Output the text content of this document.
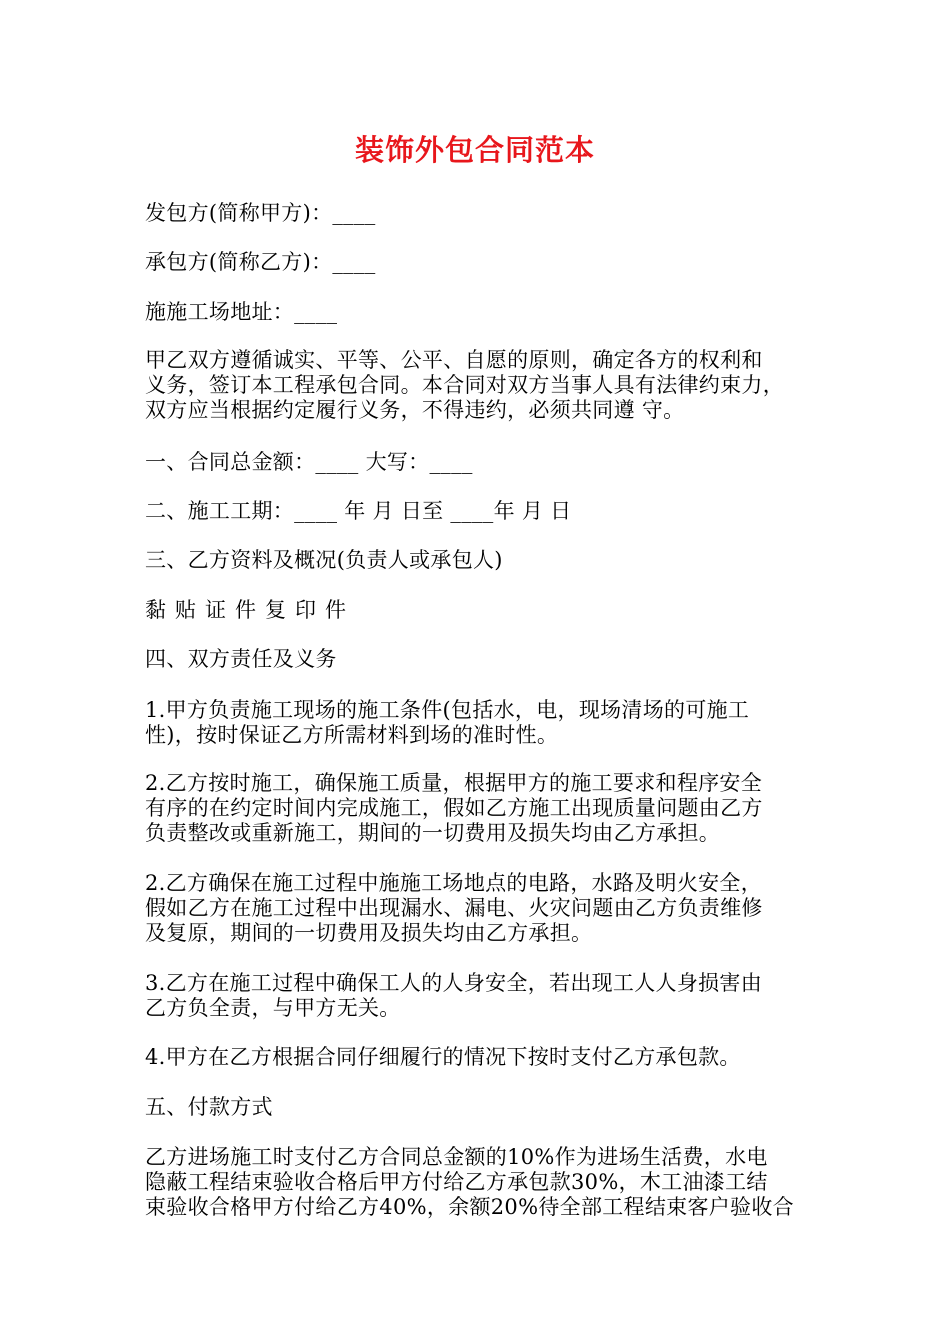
装饰外包合同范本

发包方(简称甲方)：____

承包方(简称乙方)：____

施施工场地址：____

甲乙双方遵循诚实、平等、公平、自愿的原则，确定各方的权利和
义务，签订本工程承包合同。本合同对双方当事人具有法律约束力，
双方应当根据约定履行义务，不得违约，必须共同遵 守。

一、合同总金额：____ 大写：____

二、施工工期：____ 年 月 日至 ____年 月 日

三、乙方资料及概况(负责人或承包人)

黏贴证件复印件

四、双方责任及义务

1.甲方负责施工现场的施工条件(包括水，电，现场清场的可施工
性)，按时保证乙方所需材料到场的准时性。
2.乙方按时施工，确保施工质量，根据甲方的施工要求和程序安全
有序的在约定时间内完成施工，假如乙方施工出现质量问题由乙方
负责整改或重新施工，期间的一切费用及损失均由乙方承担。
2.乙方确保在施工过程中施施工场地点的电路，水路及明火安全，
假如乙方在施工过程中出现漏水、漏电、火灾问题由乙方负责维修
及复原，期间的一切费用及损失均由乙方承担。
3.乙方在施工过程中确保工人的人身安全，若出现工人人身损害由
乙方负全责，与甲方无关。

4.甲方在乙方根据合同仔细履行的情况下按时支付乙方承包款。

五、付款方式

乙方进场施工时支付乙方合同总金额的10%作为进场生活费，水电
隐蔽工程结束验收合格后甲方付给乙方承包款30%，木工油漆工结
束验收合格甲方付给乙方40%，余额20%待全部工程结束客户验收合
